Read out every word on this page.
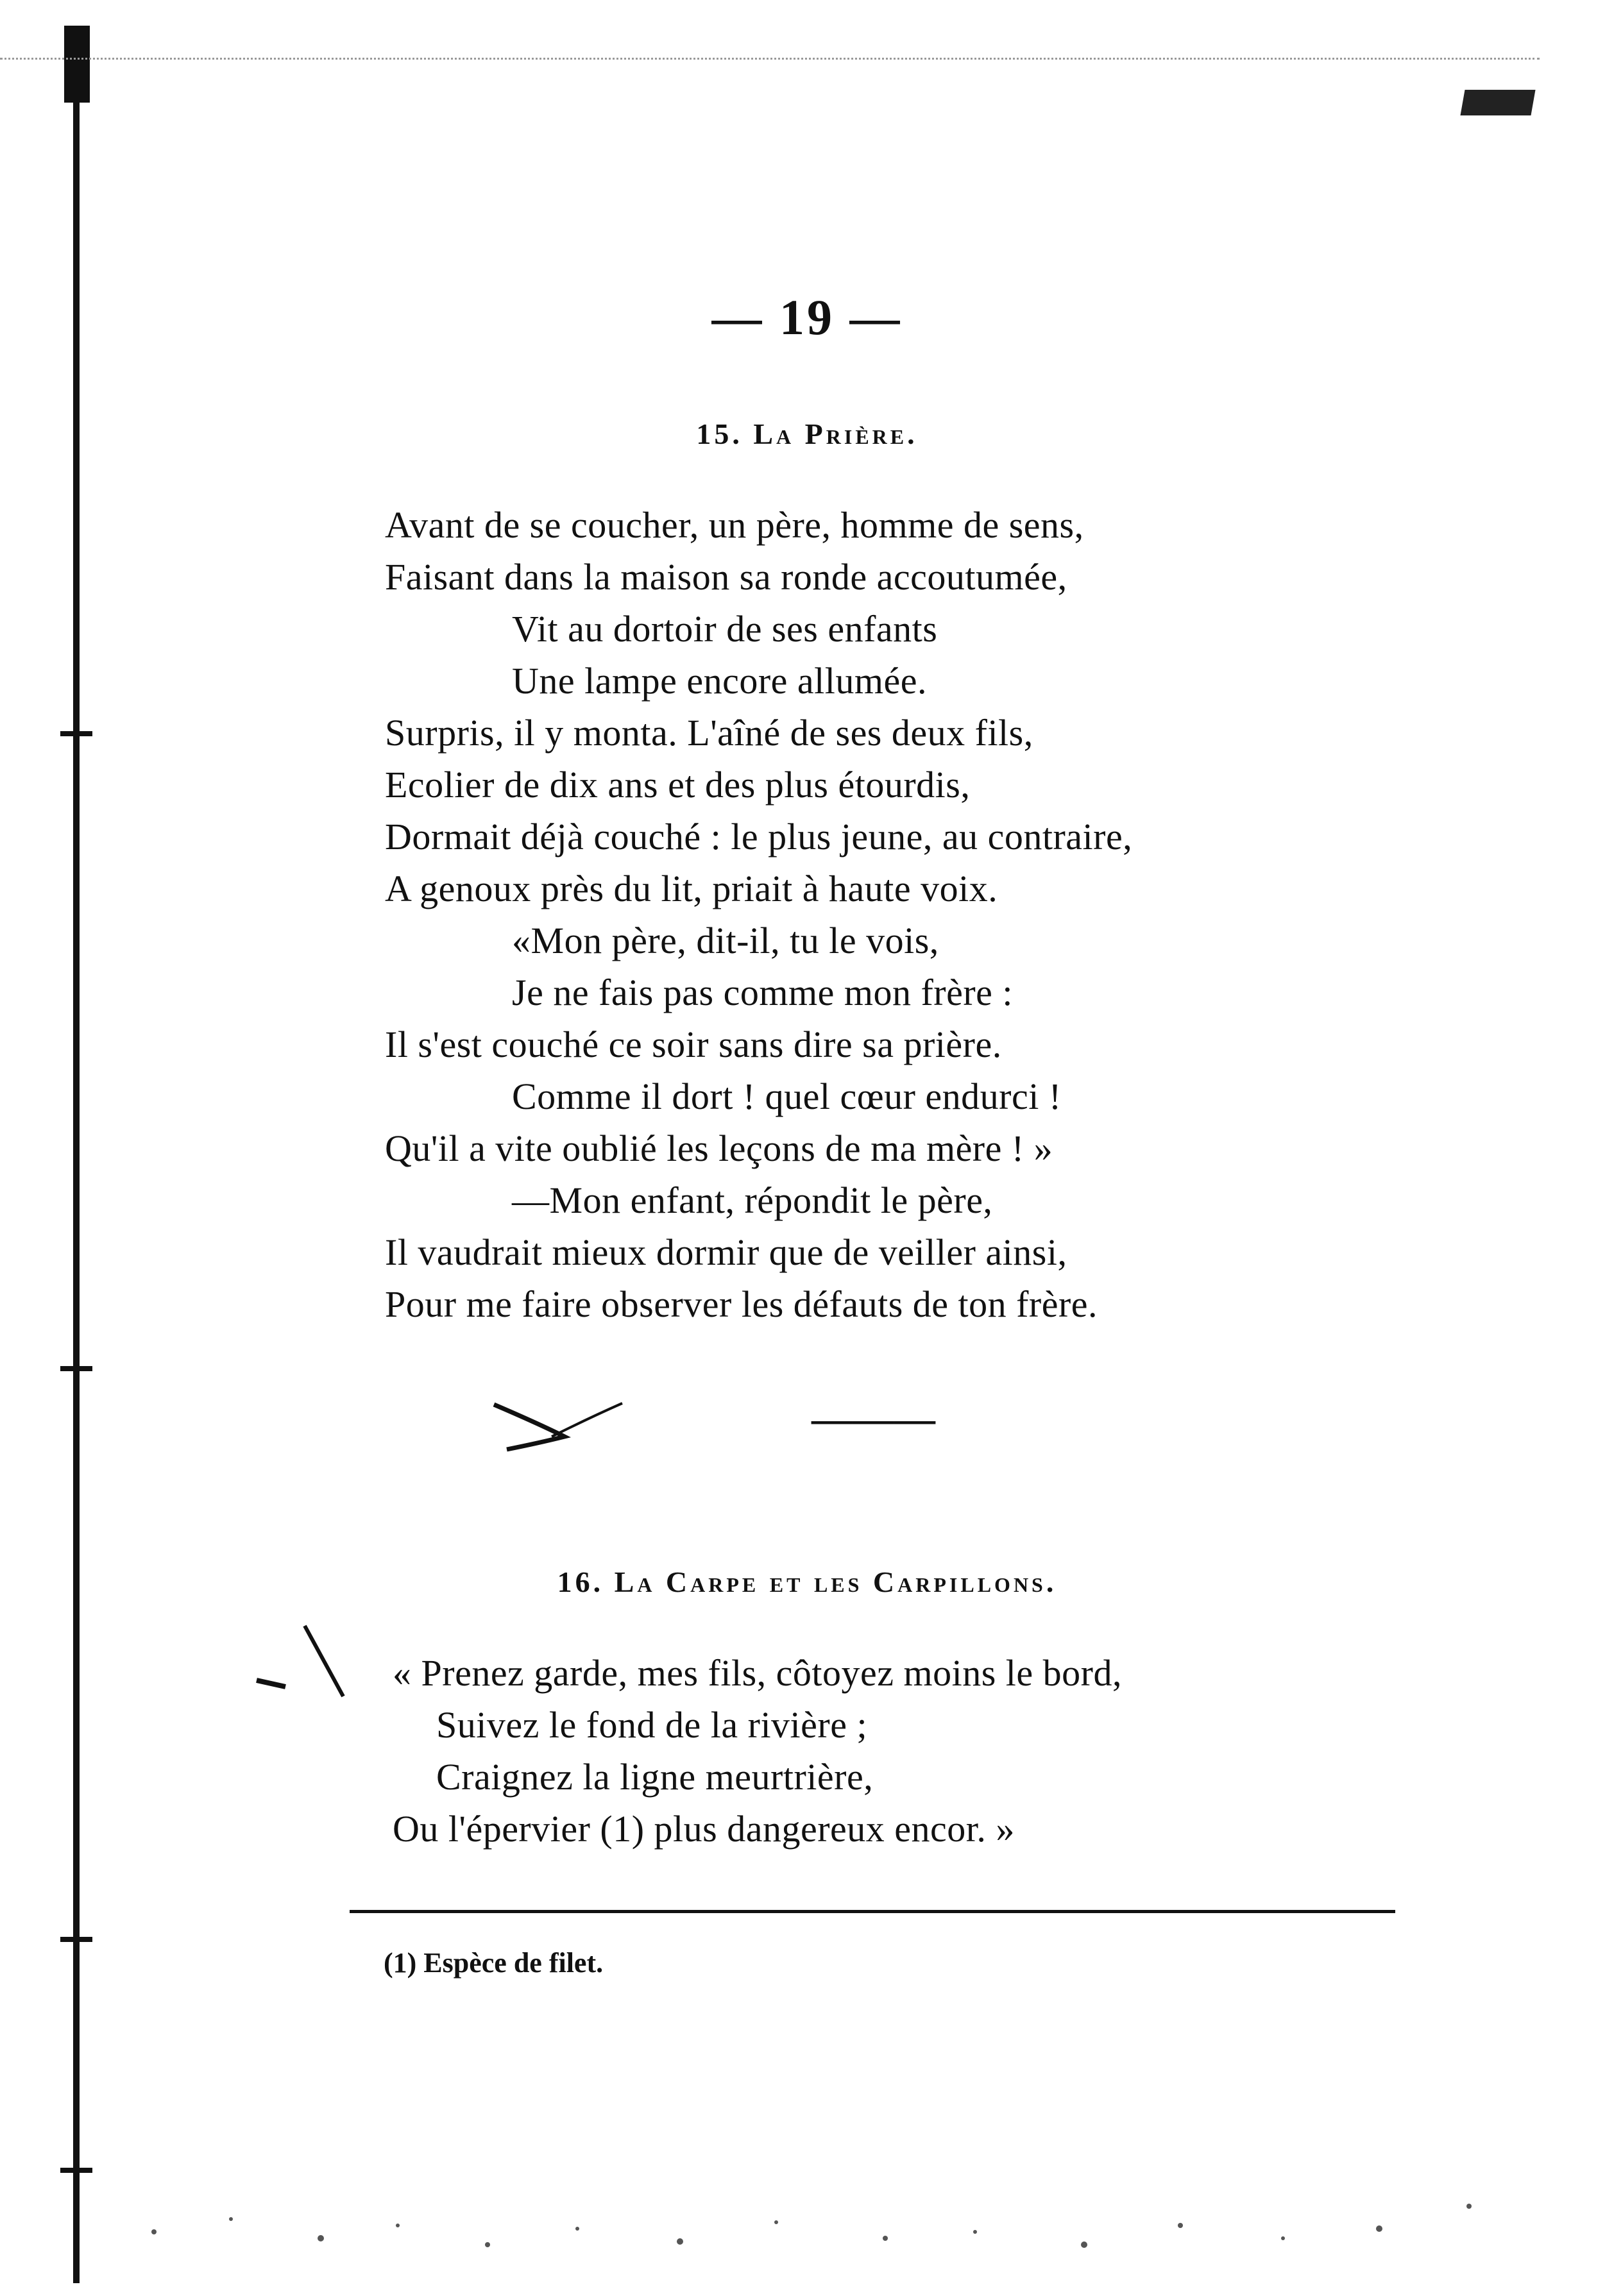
— 19 —
15. La Prière.
Avant de se coucher, un père, homme de sens,
Faisant dans la maison sa ronde accoutumée,
Vit au dortoir de ses enfants
Une lampe encore allumée.
Surpris, il y monta. L'aîné de ses deux fils,
Ecolier de dix ans et des plus étourdis,
Dormait déjà couché : le plus jeune, au contraire,
A genoux près du lit, priait à haute voix.
«Mon père, dit-il, tu le vois,
Je ne fais pas comme mon frère :
Il s'est couché ce soir sans dire sa prière.
Comme il dort ! quel cœur endurci !
Qu'il a vite oublié les leçons de ma mère ! »
—Mon enfant, répondit le père,
Il vaudrait mieux dormir que de veiller ainsi,
Pour me faire observer les défauts de ton frère.
———
16. La Carpe et les Carpillons.
« Prenez garde, mes fils, côtoyez moins le bord,
Suivez le fond de la rivière ;
Craignez la ligne meurtrière,
Ou l'épervier (1) plus dangereux encor. »
(1) Espèce de filet.
